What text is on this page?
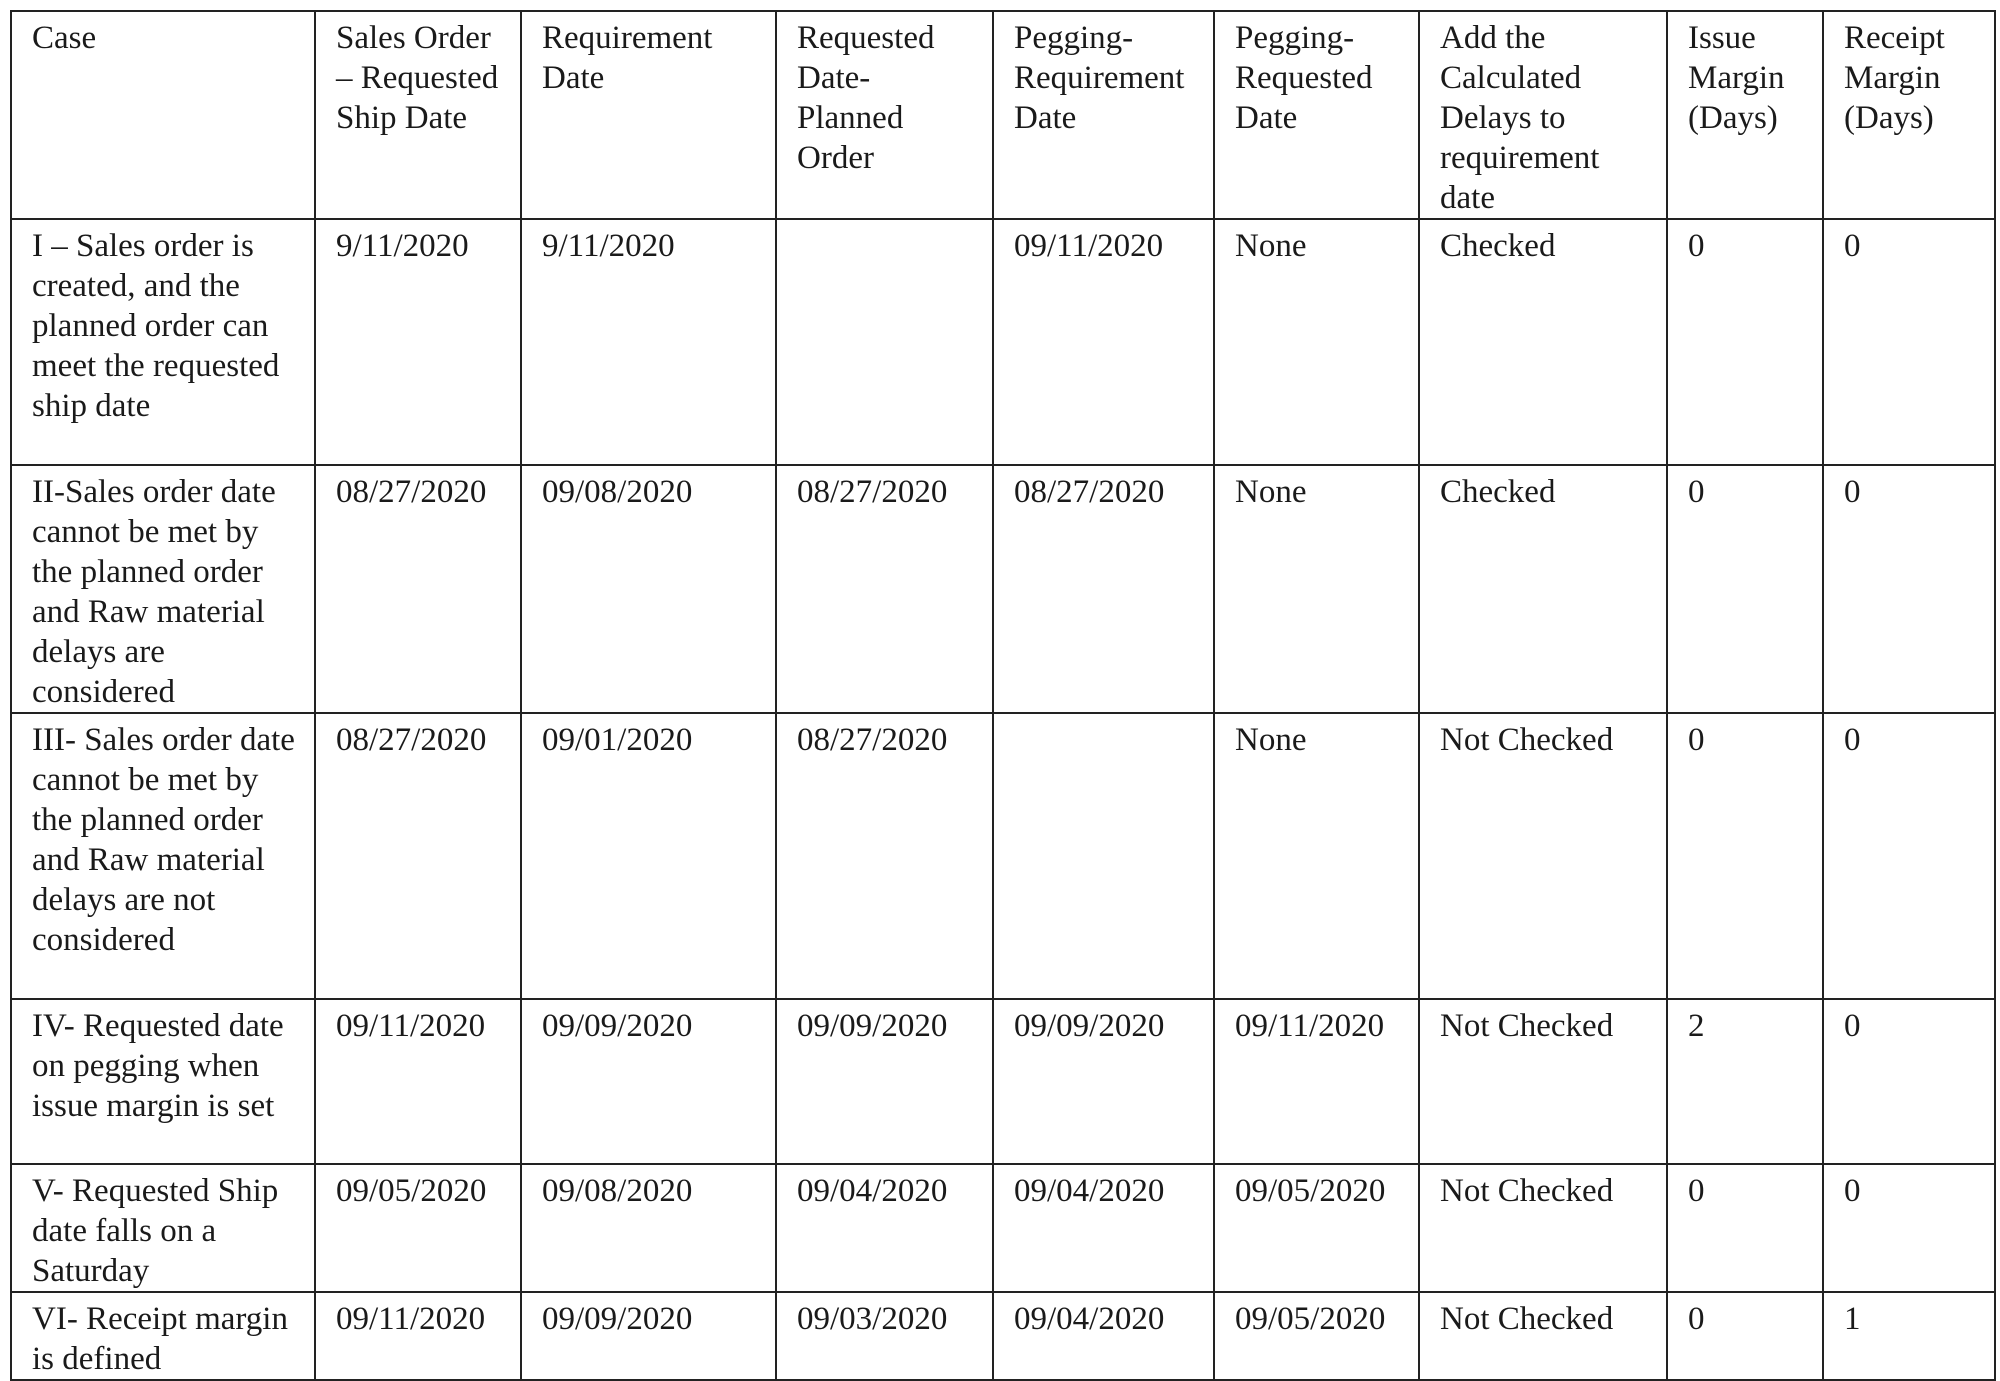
Case	Sales Order – Requested Ship Date	Requirement Date	Requested Date- Planned Order	Pegging- Requirement Date	Pegging- Requested Date	Add the Calculated Delays to requirement date	Issue Margin (Days)	Receipt Margin (Days)
I – Sales order is created, and the planned order can meet the requested ship date	9/11/2020	9/11/2020		09/11/2020	None	Checked	0	0
II-Sales order date cannot be met by the planned order and Raw material delays are considered	08/27/2020	09/08/2020	08/27/2020	08/27/2020	None	Checked	0	0
III- Sales order date cannot be met by the planned order and Raw material delays are not considered	08/27/2020	09/01/2020	08/27/2020		None	Not Checked	0	0
IV- Requested date on pegging when issue margin is set	09/11/2020	09/09/2020	09/09/2020	09/09/2020	09/11/2020	Not Checked	2	0
V- Requested Ship date falls on a Saturday	09/05/2020	09/08/2020	09/04/2020	09/04/2020	09/05/2020	Not Checked	0	0
VI- Receipt margin is defined	09/11/2020	09/09/2020	09/03/2020	09/04/2020	09/05/2020	Not Checked	0	1
